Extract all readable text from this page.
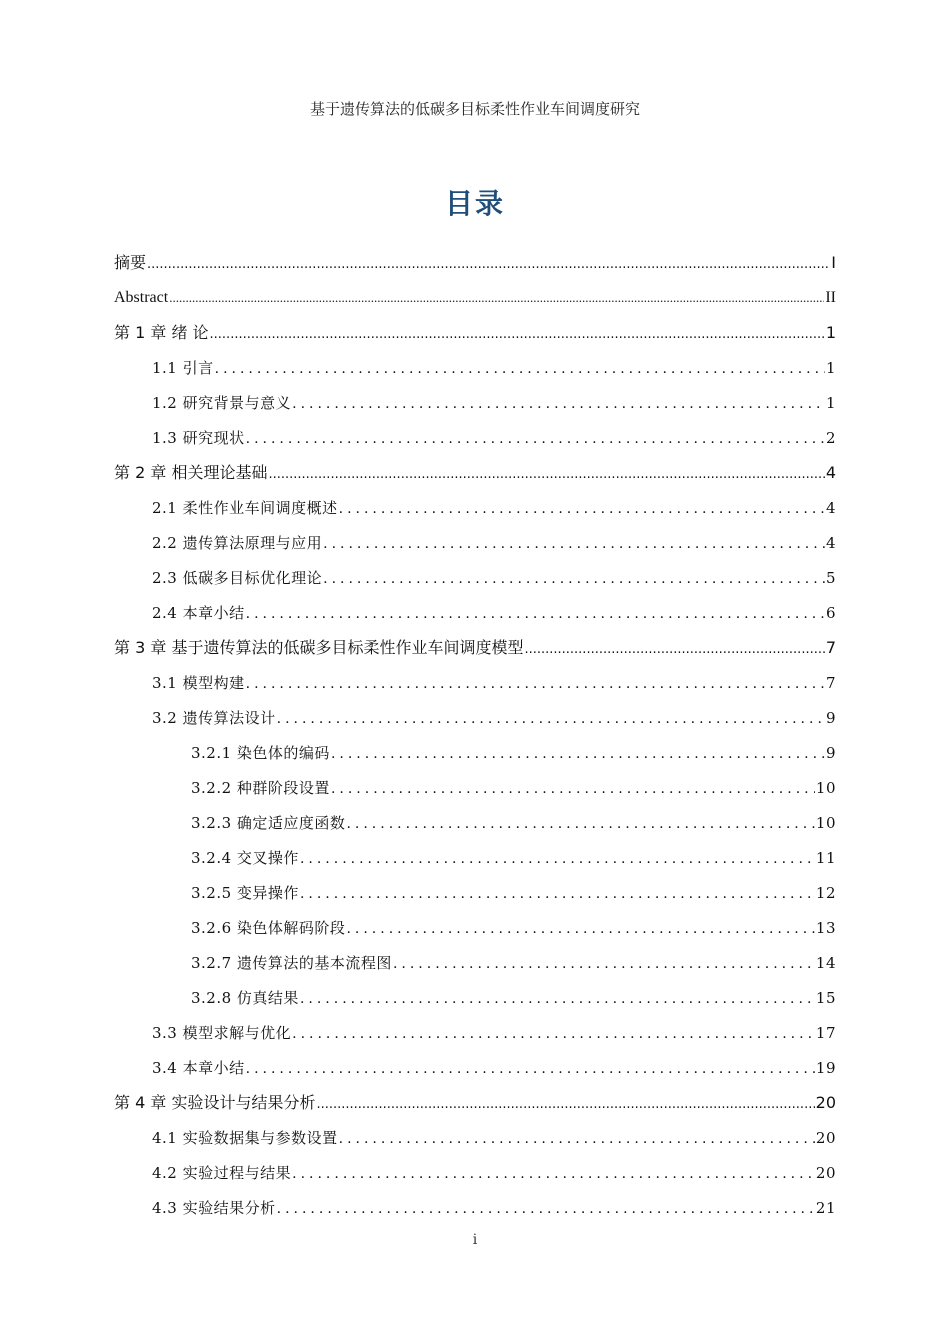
基于遗传算法的低碳多目标柔性作业车间调度研究
目录
摘要 .....	I
Abstract .....	II
第 1 章 绪 论 .....	1
1.1 引言 .....	1
1.2 研究背景与意义 .....	1
1.3 研究现状 .....	2
第 2 章 相关理论基础 .....	4
2.1 柔性作业车间调度概述 .....	4
2.2 遗传算法原理与应用 .....	4
2.3 低碳多目标优化理论 .....	5
2.4 本章小结 .....	6
第 3 章 基于遗传算法的低碳多目标柔性作业车间调度模型 .....	7
3.1 模型构建 .....	7
3.2 遗传算法设计 .....	9
3.2.1 染色体的编码 .....	9
3.2.2 种群阶段设置 .....	10
3.2.3 确定适应度函数 .....	10
3.2.4 交叉操作 .....	11
3.2.5 变异操作 .....	12
3.2.6 染色体解码阶段 .....	13
3.2.7 遗传算法的基本流程图 .....	14
3.2.8 仿真结果 .....	15
3.3 模型求解与优化 .....	17
3.4 本章小结 .....	19
第 4 章 实验设计与结果分析 .....	20
4.1 实验数据集与参数设置 .....	20
4.2 实验过程与结果 .....	20
4.3 实验结果分析 .....	21
i
